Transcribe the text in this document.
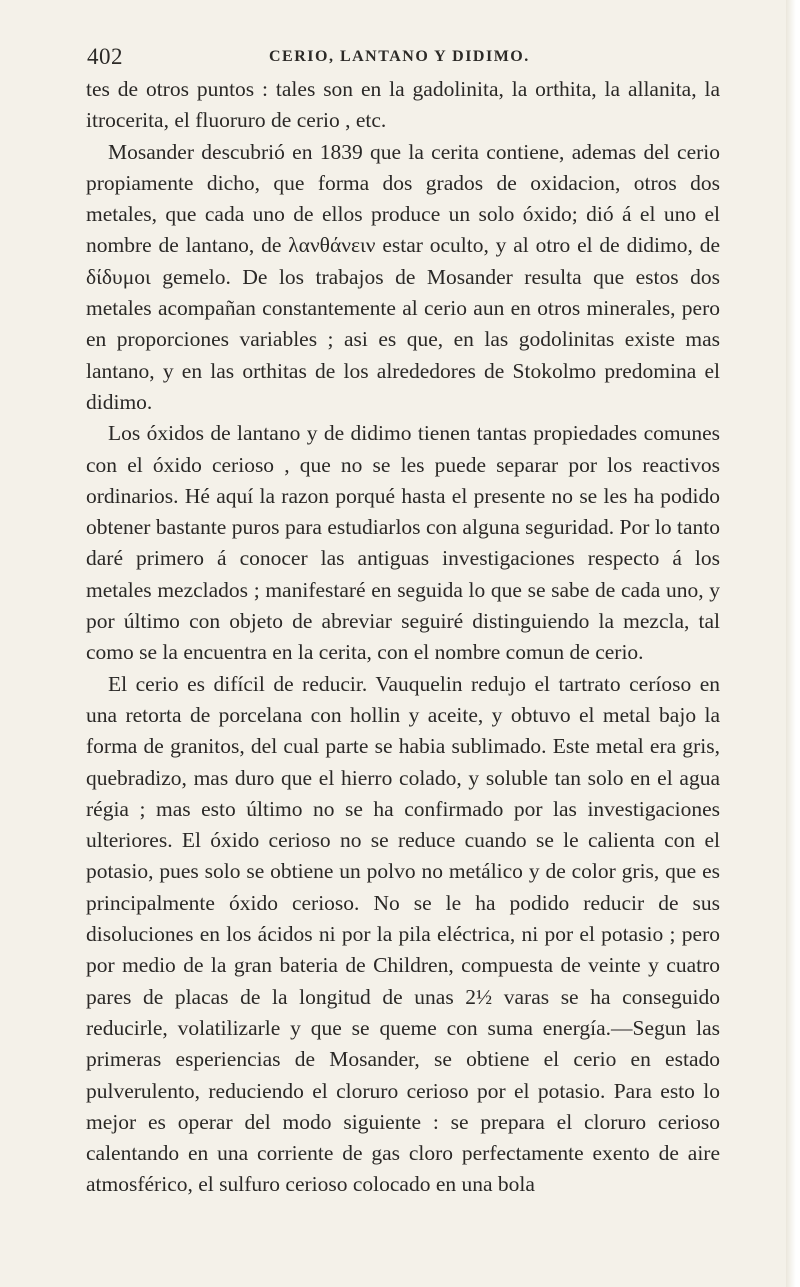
402	CERIO, LANTANO Y DIDIMO.

tes de otros puntos : tales son en la gadolinita, la orthita, la allanita, la itrocerita, el fluoruro de cerio , etc.

Mosander descubrió en 1839 que la cerita contiene, ademas del cerio propiamente dicho, que forma dos grados de oxidacion, otros dos metales, que cada uno de ellos produce un solo óxido; dió á el uno el nombre de lantano, de λανθάνειν estar oculto, y al otro el de didimo, de δίδυμοι gemelo. De los trabajos de Mosander resulta que estos dos metales acompañan constantemente al cerio aun en otros minerales, pero en proporciones variables ; asi es que, en las godolinitas existe mas lantano, y en las orthitas de los alrededores de Stokolmo predomina el didimo.

Los óxidos de lantano y de didimo tienen tantas propiedades comunes con el óxido cerioso , que no se les puede separar por los reactivos ordinarios. Hé aquí la razon porqué hasta el presente no se les ha podido obtener bastante puros para estudiarlos con alguna seguridad. Por lo tanto daré primero á conocer las antiguas investigaciones respecto á los metales mezclados ; manifestaré en seguida lo que se sabe de cada uno, y por último con objeto de abreviar seguiré distinguiendo la mezcla, tal como se la encuentra en la cerita, con el nombre comun de cerio.

El cerio es difícil de reducir. Vauquelin redujo el tartrato ceríoso en una retorta de porcelana con hollin y aceite, y obtuvo el metal bajo la forma de granitos, del cual parte se habia sublimado. Este metal era gris, quebradizo, mas duro que el hierro colado, y soluble tan solo en el agua régia ; mas esto último no se ha confirmado por las investigaciones ulteriores. El óxido cerioso no se reduce cuando se le calienta con el potasio, pues solo se obtiene un polvo no metálico y de color gris, que es principalmente óxido cerioso. No se le ha podido reducir de sus disoluciones en los ácidos ni por la pila eléctrica, ni por el potasio ; pero por medio de la gran bateria de Children, compuesta de veinte y cuatro pares de placas de la longitud de unas 2½ varas se ha conseguido reducirle, volatilizarle y que se queme con suma energía.—Segun las primeras esperiencias de Mosander, se obtiene el cerio en estado pulverulento, reduciendo el cloruro cerioso por el potasio. Para esto lo mejor es operar del modo siguiente : se prepara el cloruro cerioso calentando en una corriente de gas cloro perfectamente exento de aire atmosférico, el sulfuro cerioso colocado en una bola
